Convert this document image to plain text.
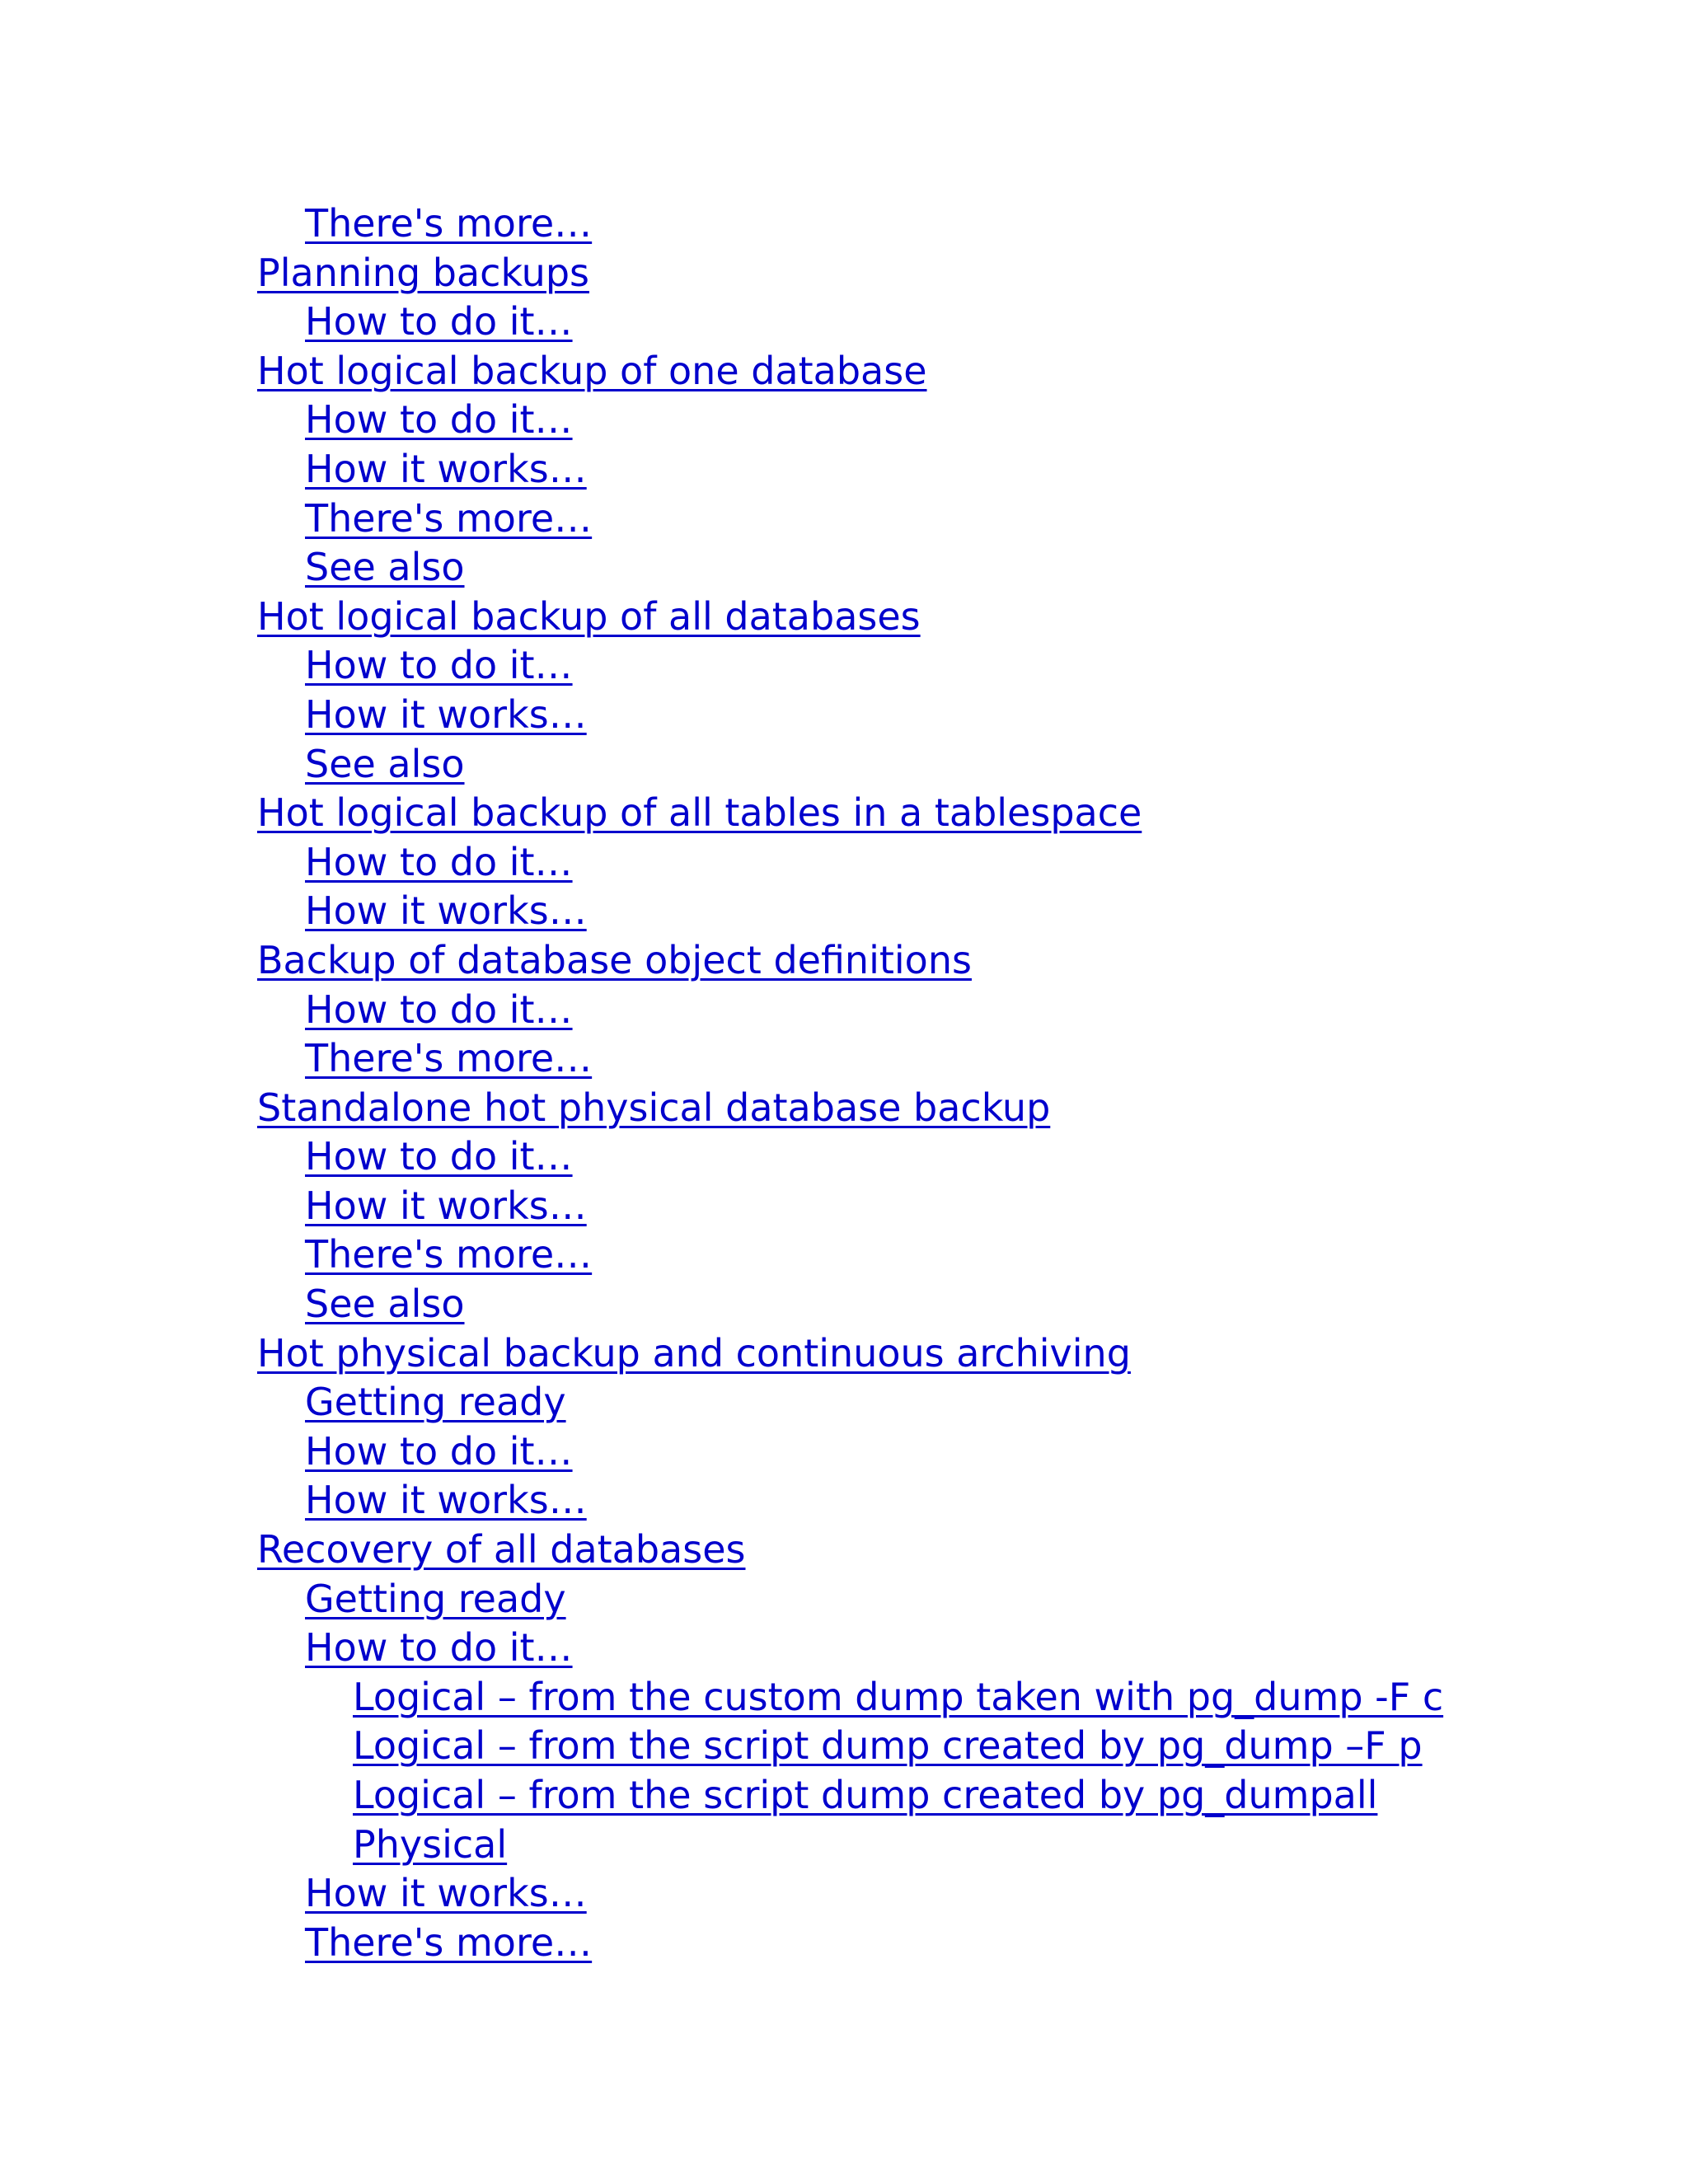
There's more…
Planning backups
How to do it…
Hot logical backup of one database
How to do it…
How it works…
There's more…
See also
Hot logical backup of all databases
How to do it…
How it works…
See also
Hot logical backup of all tables in a tablespace
How to do it…
How it works…
Backup of database object definitions
How to do it…
There's more…
Standalone hot physical database backup
How to do it…
How it works…
There's more…
See also
Hot physical backup and continuous archiving
Getting ready
How to do it…
How it works…
Recovery of all databases
Getting ready
How to do it…
Logical – from the custom dump taken with pg_dump -F c
Logical – from the script dump created by pg_dump –F p
Logical – from the script dump created by pg_dumpall
Physical
How it works…
There's more…
